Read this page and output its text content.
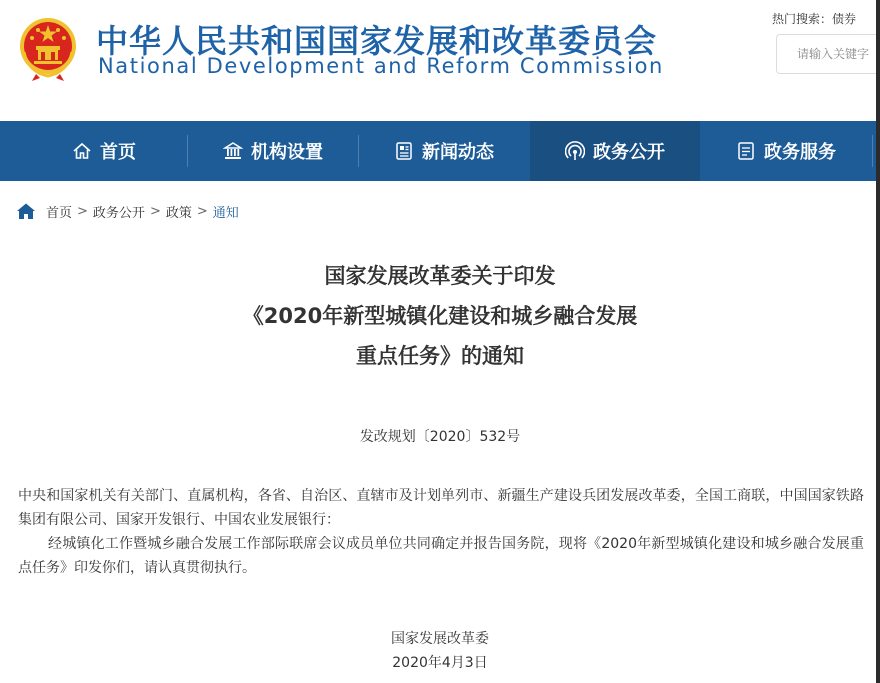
中华人民共和国国家发展和改革委员会
National Development and Reform Commission
热门搜索：债券
请输入关键字
首页	机构设置	新闻动态	政务公开	政务服务
首页 > 政务公开 > 政策 > 通知
国家发展改革委关于印发
《2020年新型城镇化建设和城乡融合发展
重点任务》的通知
发改规划〔2020〕532号

中央和国家机关有关部门、直属机构，各省、自治区、直辖市及计划单列市、新疆生产建设兵团发展改革委，全国工商联，中国国家铁路集团有限公司、国家开发银行、中国农业发展银行：

经城镇化工作暨城乡融合发展工作部际联席会议成员单位共同确定并报告国务院，现将《2020年新型城镇化建设和城乡融合发展重点任务》印发你们，请认真贯彻执行。

国家发展改革委
2020年4月3日
